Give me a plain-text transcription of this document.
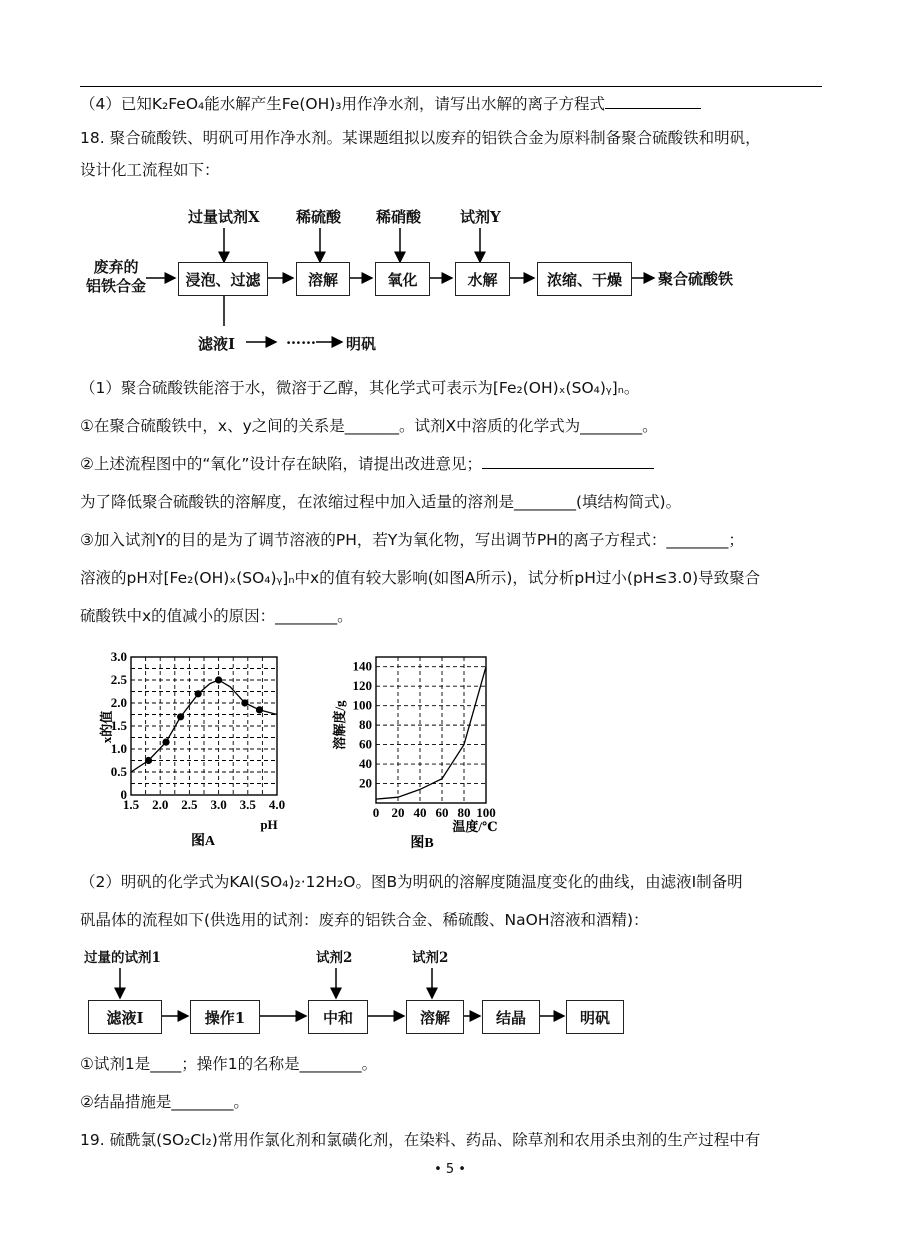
（4）已知K₂FeO₄能水解产生Fe(OH)₃用作净水剂，请写出水解的离子方程式
18. 聚合硫酸铁、明矾可用作净水剂。某课题组拟以废弃的铝铁合金为原料制备聚合硫酸铁和明矾，
设计化工流程如下：
废弃的
铝铁合金
过量试剂X 稀硫酸 稀硝酸	试剂Y
浸泡、过滤	溶解	氧化	水解	浓缩、干燥	聚合硫酸铁
滤液Ⅰ	…… 明矾
（1）聚合硫酸铁能溶于水，微溶于乙醇，其化学式可表示为[Fe₂(OH)ₓ(SO₄)ᵧ]ₙ。
①在聚合硫酸铁中，x、y之间的关系是_______。试剂X中溶质的化学式为________。
②上述流程图中的“氧化”设计存在缺陷，请提出改进意见；
为了降低聚合硫酸铁的溶解度，在浓缩过程中加入适量的溶剂是________(填结构简式)。
③加入试剂Y的目的是为了调节溶液的PH，若Y为氧化物，写出调节PH的离子方程式：________；
溶液的pH对[Fe₂(OH)ₓ(SO₄)ᵧ]ₙ中x的值有较大影响(如图A所示)，试分析pH过小(pH≤3.0)导致聚合
硫酸铁中x的值减小的原因：________。
1.5 2.0 2.5 3.0 3.5 4.0
0
0.5
1.0
1.5
2.0
2.5
3.0
pH
x的值
图A
0 20 40 60 80 100
20
40
60
80
100
120
140
温度/℃
溶解度/g
图B
（2）明矾的化学式为KAl(SO₄)₂·12H₂O。图B为明矾的溶解度随温度变化的曲线，由滤液Ⅰ制备明
矾晶体的流程如下(供选用的试剂：废弃的铝铁合金、稀硫酸、NaOH溶液和酒精)：
过量的试剂1	试剂2	试剂2
滤液Ⅰ	操作1	中和	溶解	结晶	明矾
①试剂1是____；操作1的名称是________。
②结晶措施是________。
19. 硫酰氯(SO₂Cl₂)常用作氯化剂和氯磺化剂，在染料、药品、除草剂和农用杀虫剂的生产过程中有
• 5 •
